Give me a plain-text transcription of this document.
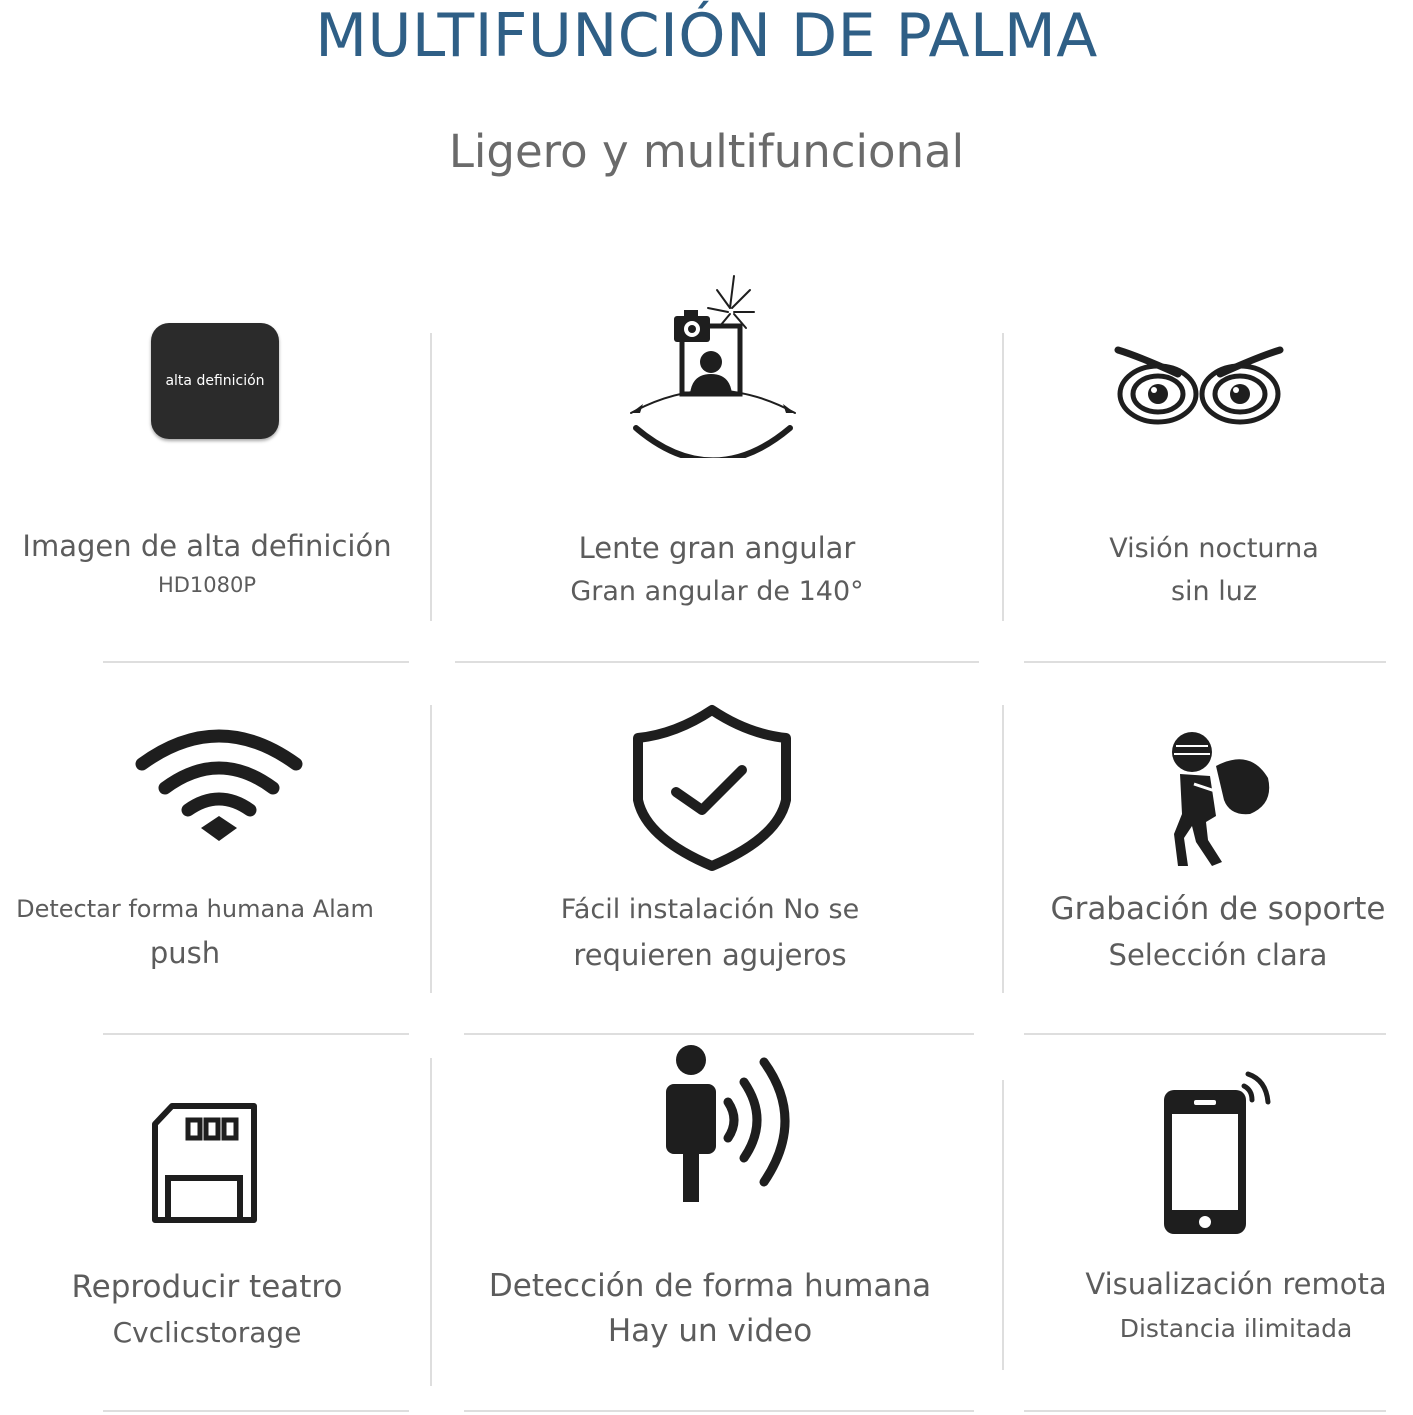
MULTIFUNCIÓN DE PALMA
Ligero y multifuncional
alta definición
Imagen de alta definición
HD1080P
Lente gran angular
Gran angular de 140°
Visión nocturna
sin luz
Detectar forma humana Alam
push
Fácil instalación No se
requieren agujeros
Grabación de soporte
Selección clara
Reproducir teatro
Cvclicstorage
Detección de forma humana
Hay un video
Visualización remota
Distancia ilimitada
